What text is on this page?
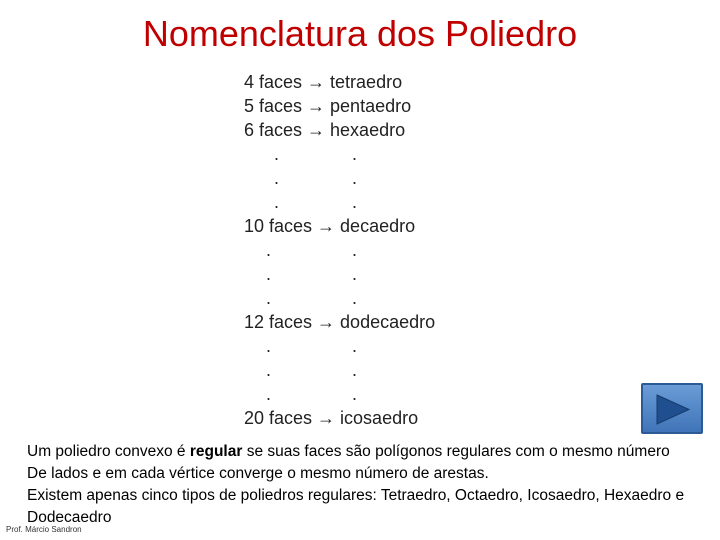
Nomenclatura dos Poliedro
4 faces → tetraedro
5 faces → pentaedro
6 faces → hexaedro
.	.
.	.
.	.
10 faces → decaedro
.	.
.	.
.	.
12 faces → dodecaedro
.	.
.	.
.	.
20 faces → icosaedro

Um poliedro convexo é regular se suas faces são polígonos regulares com o mesmo número

De lados e em cada vértice converge o mesmo número de arestas.

Existem apenas cinco tipos de poliedros regulares: Tetraedro, Octaedro, Icosaedro, Hexaedro e

Dodecaedro

Prof. Márcio Sandron
